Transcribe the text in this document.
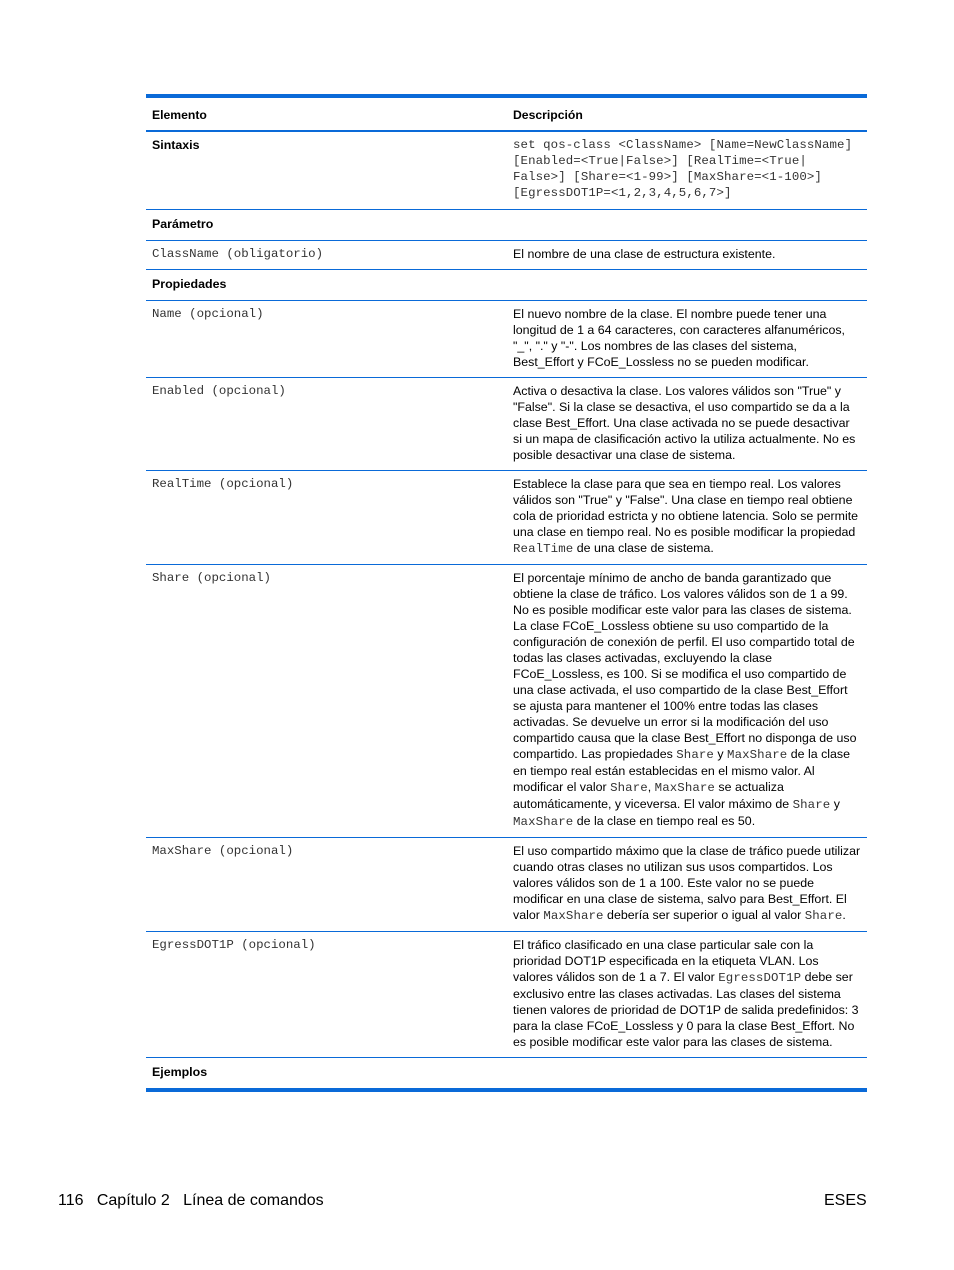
Elemento	Descripción
Sintaxis	set qos-class <ClassName> [Name=NewClassName] [Enabled=<True|False>] [RealTime=<True| False>] [Share=<1-99>] [MaxShare=<1-100>] [EgressDOT1P=<1,2,3,4,5,6,7>]
Parámetro	
ClassName (obligatorio)	El nombre de una clase de estructura existente.
Propiedades	
Name (opcional)	El nuevo nombre de la clase. El nombre puede tener una longitud de 1 a 64 caracteres, con caracteres alfanuméricos, "_", "." y "-". Los nombres de las clases del sistema, Best_Effort y FCoE_Lossless no se pueden modificar.
Enabled (opcional)	Activa o desactiva la clase. Los valores válidos son "True" y "False". Si la clase se desactiva, el uso compartido se da a la clase Best_Effort. Una clase activada no se puede desactivar si un mapa de clasificación activo la utiliza actualmente. No es posible desactivar una clase de sistema.
RealTime (opcional)	Establece la clase para que sea en tiempo real. Los valores válidos son "True" y "False". Una clase en tiempo real obtiene cola de prioridad estricta y no obtiene latencia. Solo se permite una clase en tiempo real. No es posible modificar la propiedad RealTime de una clase de sistema.
Share (opcional)	El porcentaje mínimo de ancho de banda garantizado que obtiene la clase de tráfico. Los valores válidos son de 1 a 99. No es posible modificar este valor para las clases de sistema. La clase FCoE_Lossless obtiene su uso compartido de la configuración de conexión de perfil. El uso compartido total de todas las clases activadas, excluyendo la clase FCoE_Lossless, es 100. Si se modifica el uso compartido de una clase activada, el uso compartido de la clase Best_Effort se ajusta para mantener el 100% entre todas las clases activadas. Se devuelve un error si la modificación del uso compartido causa que la clase Best_Effort no disponga de uso compartido. Las propiedades Share y MaxShare de la clase en tiempo real están establecidas en el mismo valor. Al modificar el valor Share, MaxShare se actualiza automáticamente, y viceversa. El valor máximo de Share y MaxShare de la clase en tiempo real es 50.
MaxShare (opcional)	El uso compartido máximo que la clase de tráfico puede utilizar cuando otras clases no utilizan sus usos compartidos. Los valores válidos son de 1 a 100. Este valor no se puede modificar en una clase de sistema, salvo para Best_Effort. El valor MaxShare debería ser superior o igual al valor Share.
EgressDOT1P (opcional)	El tráfico clasificado en una clase particular sale con la prioridad DOT1P especificada en la etiqueta VLAN. Los valores válidos son de 1 a 7. El valor EgressDOT1P debe ser exclusivo entre las clases activadas. Las clases del sistema tienen valores de prioridad de DOT1P de salida predefinidos: 3 para la clase FCoE_Lossless y 0 para la clase Best_Effort. No es posible modificar este valor para las clases de sistema.
Ejemplos	
116   Capítulo 2   Línea de comandos	ESES
